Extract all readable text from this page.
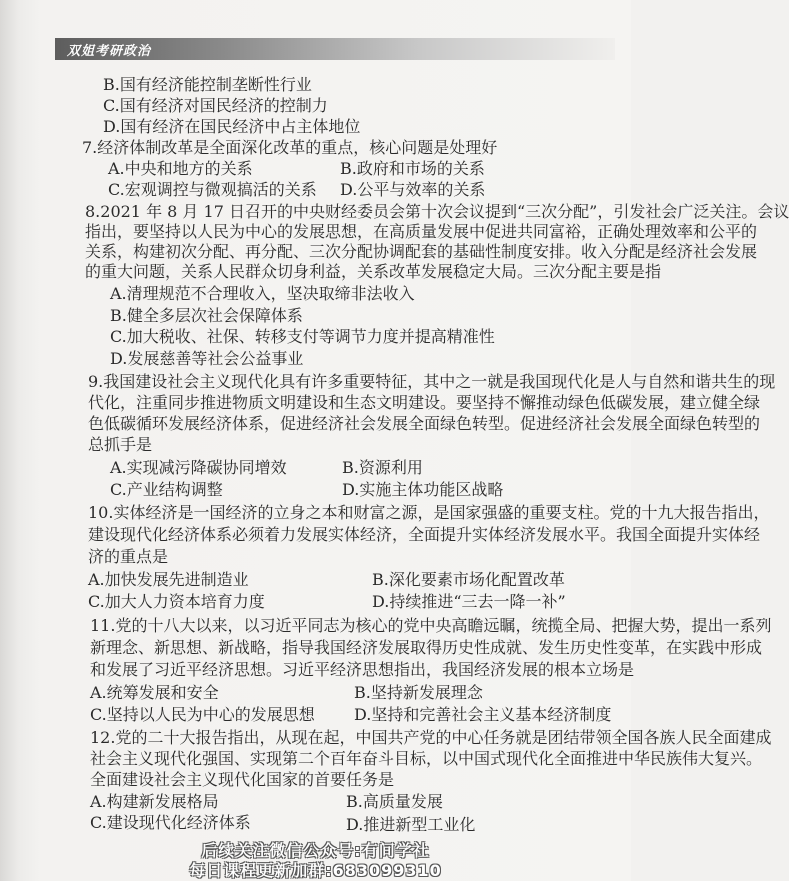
双姐考研政治
B.国有经济能控制垄断性行业
C.国有经济对国民经济的控制力
D.国有经济在国民经济中占主体地位
7.经济体制改革是全面深化改革的重点，核心问题是处理好
A.中央和地方的关系	B.政府和市场的关系
C.宏观调控与微观搞活的关系 D.公平与效率的关系
8.2021 年 8 月 17 日召开的中央财经委员会第十次会议提到“三次分配”，引发社会广泛关注。会议
指出，要坚持以人民为中心的发展思想，在高质量发展中促进共同富裕，正确处理效率和公平的
关系，构建初次分配、再分配、三次分配协调配套的基础性制度安排。收入分配是经济社会发展
的重大问题，关系人民群众切身利益，关系改革发展稳定大局。三次分配主要是指
A.清理规范不合理收入，坚决取缔非法收入
B.健全多层次社会保障体系
C.加大税收、社保、转移支付等调节力度并提高精准性
D.发展慈善等社会公益事业
9.我国建设社会主义现代化具有许多重要特征，其中之一就是我国现代化是人与自然和谐共生的现
代化，注重同步推进物质文明建设和生态文明建设。要坚持不懈推动绿色低碳发展，建立健全绿
色低碳循环发展经济体系，促进经济社会发展全面绿色转型。促进经济社会发展全面绿色转型的
总抓手是
A.实现减污降碳协同增效	B.资源利用
C.产业结构调整	D.实施主体功能区战略
10.实体经济是一国经济的立身之本和财富之源，是国家强盛的重要支柱。党的十九大报告指出，
建设现代化经济体系必须着力发展实体经济，全面提升实体经济发展水平。我国全面提升实体经
济的重点是
A.加快发展先进制造业	B.深化要素市场化配置改革
C.加大人力资本培育力度	D.持续推进“三去一降一补”
11.党的十八大以来，以习近平同志为核心的党中央高瞻远瞩，统揽全局、把握大势，提出一系列
新理念、新思想、新战略，指导我国经济发展取得历史性成就、发生历史性变革，在实践中形成
和发展了习近平经济思想。习近平经济思想指出，我国经济发展的根本立场是
A.统筹发展和安全	B.坚持新发展理念
C.坚持以人民为中心的发展思想 D.坚持和完善社会主义基本经济制度
12.党的二十大报告指出，从现在起，中国共产党的中心任务就是团结带领全国各族人民全面建成
社会主义现代化强国、实现第二个百年奋斗目标，以中国式现代化全面推进中华民族伟大复兴。
全面建设社会主义现代化国家的首要任务是
A.构建新发展格局	B.高质量发展
C.建设现代化经济体系	D.推进新型工业化
后续关注微信公众号:有间学社
每日课程更新加群:683099310
